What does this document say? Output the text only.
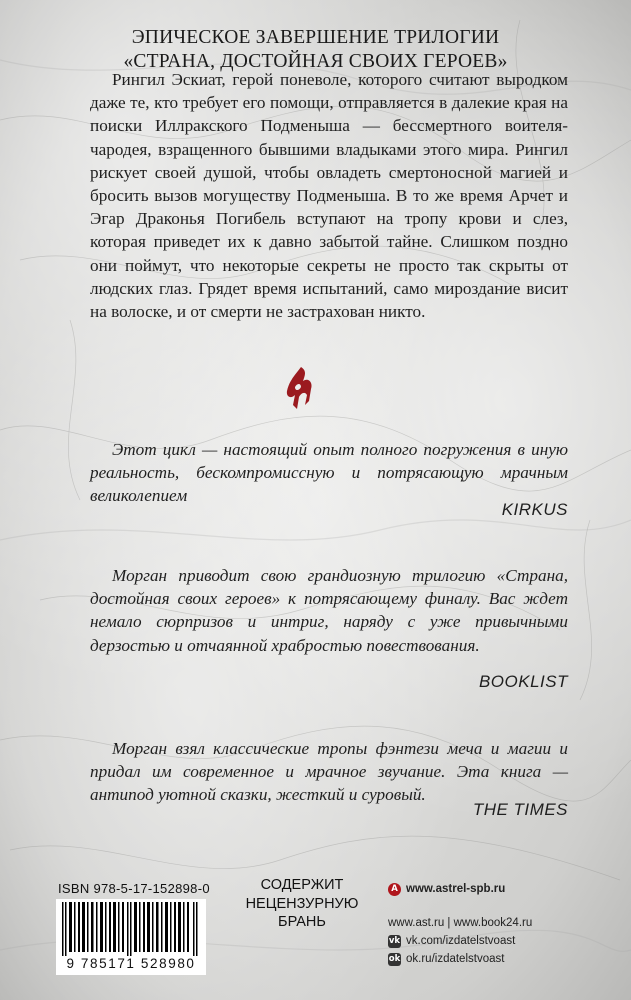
ЭПИЧЕСКОЕ ЗАВЕРШЕНИЕ ТРИЛОГИИ
«СТРАНА, ДОСТОЙНАЯ СВОИХ ГЕРОЕВ»

Рингил Эскиат, герой поневоле, которого считают выродком даже те, кто требует его помощи, отправляется в далекие края на поиски Иллракского Подменыша — бессмертного воителя-чародея, взращенного бывшими владыками этого мира. Рингил рискует своей душой, чтобы овладеть смертоносной магией и бросить вызов могуществу Подменыша. В то же время Арчет и Эгар Драконья Погибель вступают на тропу крови и слез, которая приведет их к давно забытой тайне. Слишком поздно они поймут, что некоторые секреты не просто так скрыты от людских глаз. Грядет время испытаний, само мироздание висит на волоске, и от смерти не застрахован никто.

Этот цикл — настоящий опыт полного погружения в иную реальность, бескомпромиссную и потрясающую мрачным великолепием

KIRKUS

Морган приводит свою грандиозную трилогию «Страна, достойная своих героев» к потрясающему финалу. Вас ждет немало сюрпризов и интриг, наряду с уже привычными дерзостью и отчаянной храбростью повествования.

BOOKLIST

Морган взял классические тропы фэнтези меча и магии и придал им современное и мрачное звучание. Эта книга — антипод уютной сказки, жесткий и суровый.

THE TIMES
ISBN 978-5-17-152898-0
9 785171 528980
СОДЕРЖИТ
НЕЦЕНЗУРНУЮ
БРАНЬ
A www.astrel-spb.ru
www.ast.ru | www.book24.ru
vk vk.com/izdatelstvoast
ok ok.ru/izdatelstvoast
